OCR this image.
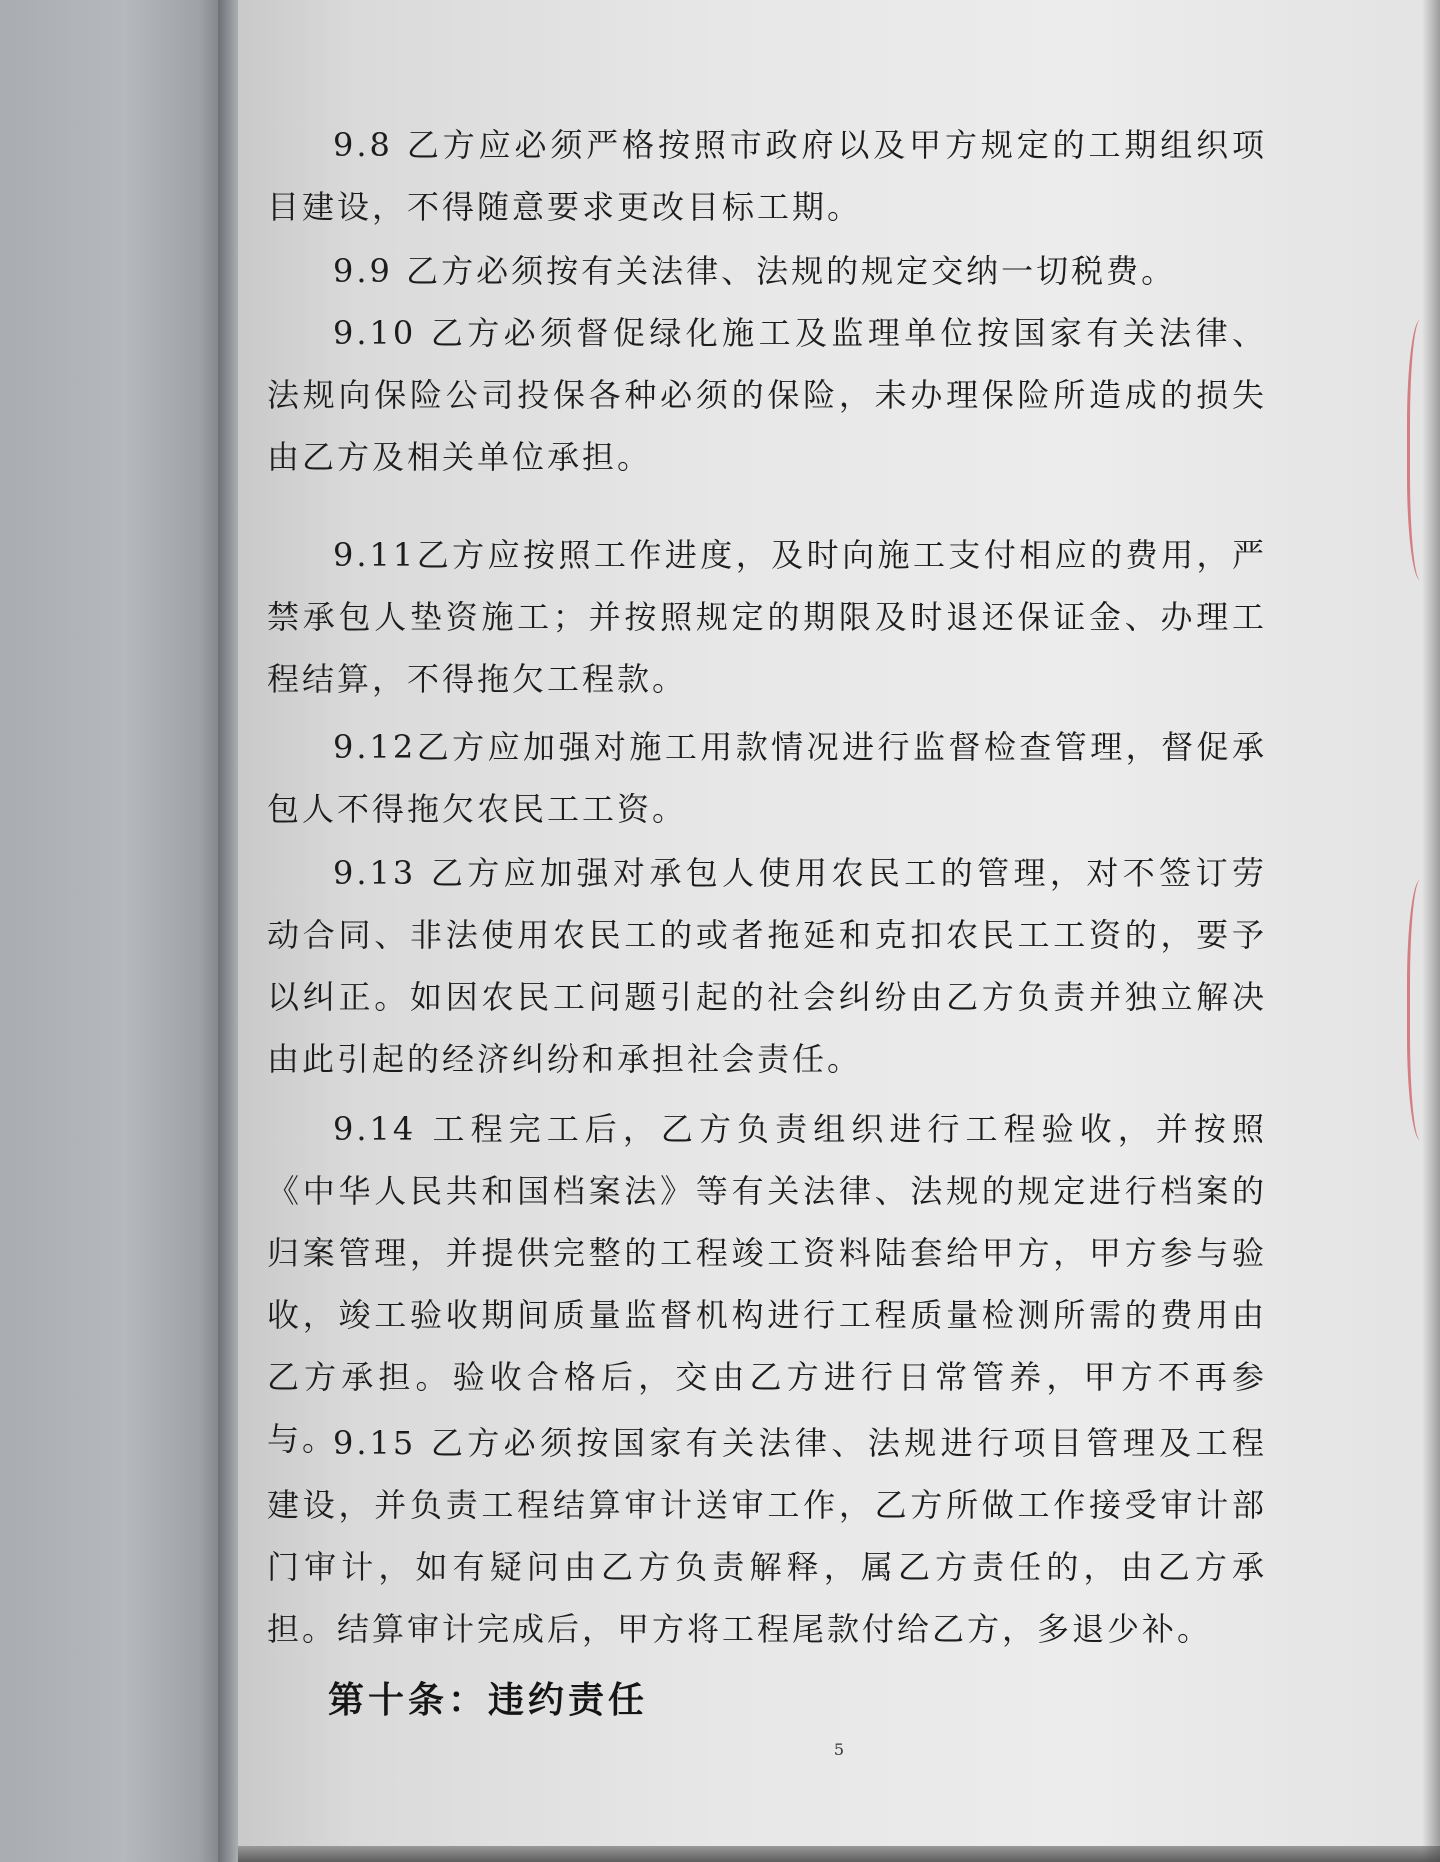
9.8 乙方应必须严格按照市政府以及甲方规定的工期组织项目建设，不得随意要求更改目标工期。

9.9 乙方必须按有关法律、法规的规定交纳一切税费。

9.10 乙方必须督促绿化施工及监理单位按国家有关法律、法规向保险公司投保各种必须的保险，未办理保险所造成的损失由乙方及相关单位承担。

9.11乙方应按照工作进度，及时向施工支付相应的费用，严禁承包人垫资施工；并按照规定的期限及时退还保证金、办理工程结算，不得拖欠工程款。

9.12乙方应加强对施工用款情况进行监督检查管理，督促承包人不得拖欠农民工工资。

9.13 乙方应加强对承包人使用农民工的管理，对不签订劳动合同、非法使用农民工的或者拖延和克扣农民工工资的，要予以纠正。如因农民工问题引起的社会纠纷由乙方负责并独立解决由此引起的经济纠纷和承担社会责任。

9.14 工程完工后，乙方负责组织进行工程验收，并按照《中华人民共和国档案法》等有关法律、法规的规定进行档案的归案管理，并提供完整的工程竣工资料陆套给甲方，甲方参与验收，竣工验收期间质量监督机构进行工程质量检测所需的费用由乙方承担。验收合格后，交由乙方进行日常管养，甲方不再参与。

9.15 乙方必须按国家有关法律、法规进行项目管理及工程建设，并负责工程结算审计送审工作，乙方所做工作接受审计部门审计，如有疑问由乙方负责解释，属乙方责任的，由乙方承担。结算审计完成后，甲方将工程尾款付给乙方，多退少补。

第十条：违约责任
5
